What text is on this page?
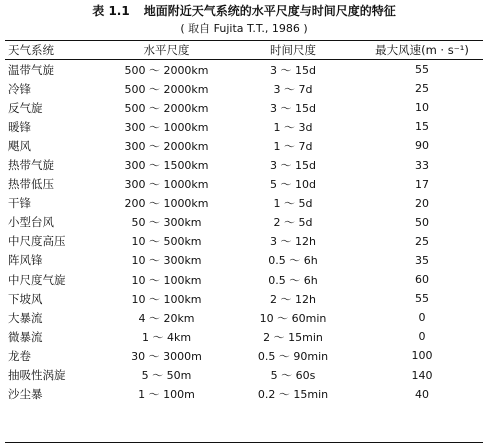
表 1.1 地面附近天气系统的水平尺度与时间尺度的特征
( 取自 Fujita T.T., 1986 )
天气系统	水平尺度	时间尺度	最大风速(m · s⁻¹)
温带气旋	500 ～ 2000km	3 ～ 15d	55
冷锋	500 ～ 2000km	3 ～ 7d	25
反气旋	500 ～ 2000km	3 ～ 15d	10
暖锋	300 ～ 1000km	1 ～ 3d	15
飓风	300 ～ 2000km	1 ～ 7d	90
热带气旋	300 ～ 1500km	3 ～ 15d	33
热带低压	300 ～ 1000km	5 ～ 10d	17
干锋	200 ～ 1000km	1 ～ 5d	20
小型台风	50 ～ 300km	2 ～ 5d	50
中尺度高压	10 ～ 500km	3 ～ 12h	25
阵风锋	10 ～ 300km	0.5 ～ 6h	35
中尺度气旋	10 ～ 100km	0.5 ～ 6h	60
下坡风	10 ～ 100km	2 ～ 12h	55
大暴流	4 ～ 20km	10 ～ 60min	0
微暴流	1 ～ 4km	2 ～ 15min	0
龙卷	30 ～ 3000m	0.5 ～ 90min	100
抽吸性涡旋	5 ～ 50m	5 ～ 60s	140
沙尘暴	1 ～ 100m	0.2 ～ 15min	40
